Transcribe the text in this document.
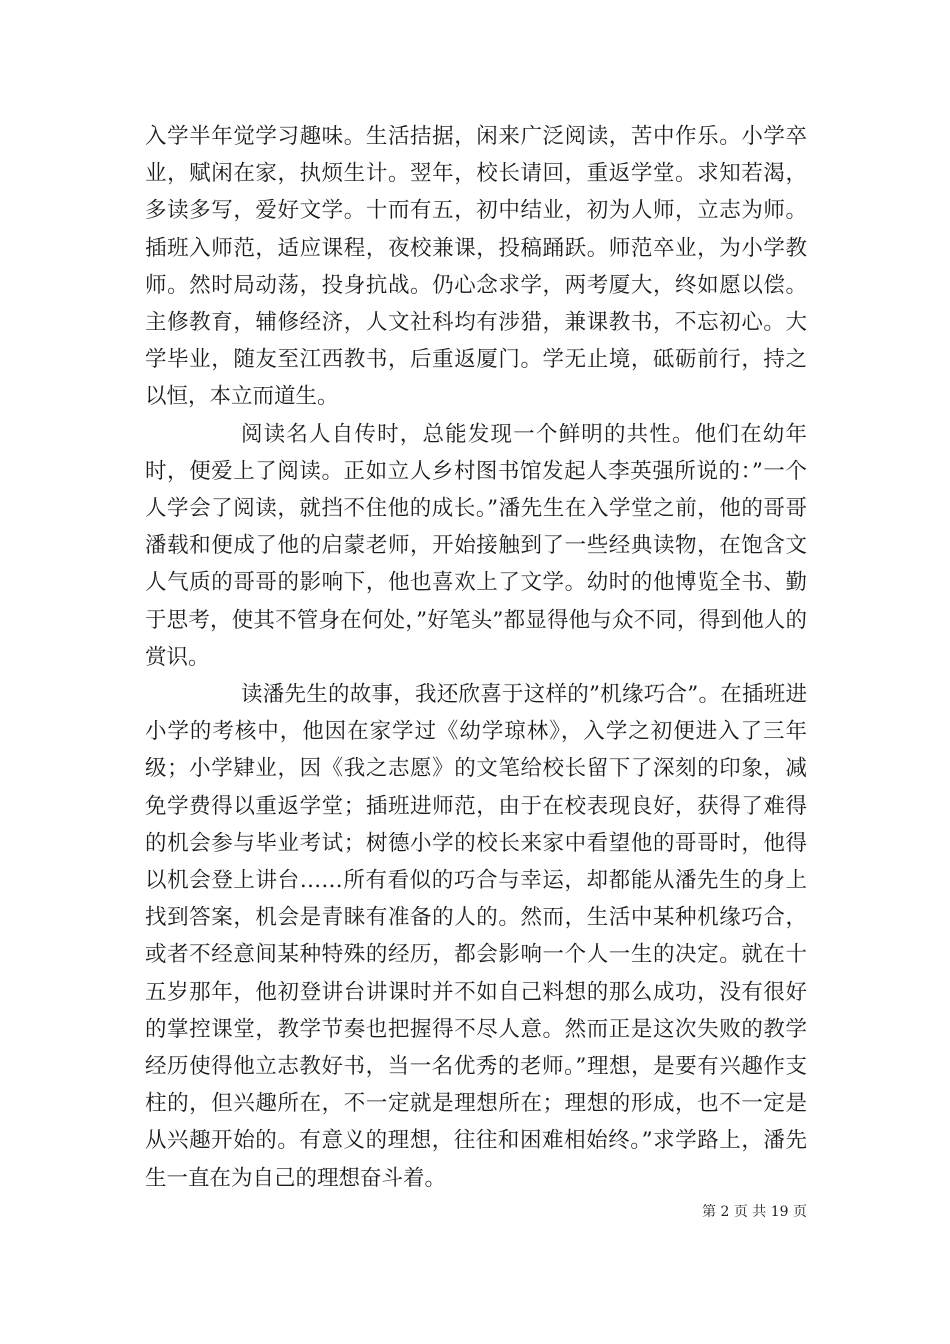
入学半年觉学习趣味。生活拮据，闲来广泛阅读，苦中作乐。小学卒业，赋闲在家，执烦生计。翌年，校长请回，重返学堂。求知若渴，多读多写，爱好文学。十而有五，初中结业，初为人师，立志为师。插班入师范，适应课程，夜校兼课，投稿踊跃。师范卒业，为小学教师。然时局动荡，投身抗战。仍心念求学，两考厦大，终如愿以偿。主修教育，辅修经济，人文社科均有涉猎，兼课教书，不忘初心。大学毕业，随友至江西教书，后重返厦门。学无止境，砥砺前行，持之以恒，本立而道生。

阅读名人自传时，总能发现一个鲜明的共性。他们在幼年时，便爱上了阅读。正如立人乡村图书馆发起人李英强所说的：”一个人学会了阅读，就挡不住他的成长。”潘先生在入学堂之前，他的哥哥潘载和便成了他的启蒙老师，开始接触到了一些经典读物，在饱含文人气质的哥哥的影响下，他也喜欢上了文学。幼时的他博览全书、勤于思考，使其不管身在何处，”好笔头”都显得他与众不同，得到他人的赏识。

读潘先生的故事，我还欣喜于这样的”机缘巧合”。在插班进小学的考核中，他因在家学过《幼学琼林》，入学之初便进入了三年级；小学肄业，因《我之志愿》的文笔给校长留下了深刻的印象，减免学费得以重返学堂；插班进师范，由于在校表现良好，获得了难得的机会参与毕业考试；树德小学的校长来家中看望他的哥哥时，他得以机会登上讲台……所有看似的巧合与幸运，却都能从潘先生的身上找到答案，机会是青睐有准备的人的。然而，生活中某种机缘巧合，或者不经意间某种特殊的经历，都会影响一个人一生的决定。就在十五岁那年，他初登讲台讲课时并不如自己料想的那么成功，没有很好的掌控课堂，教学节奏也把握得不尽人意。然而正是这次失败的教学经历使得他立志教好书，当一名优秀的老师。”理想，是要有兴趣作支柱的，但兴趣所在，不一定就是理想所在；理想的形成，也不一定是从兴趣开始的。有意义的理想，往往和困难相始终。”求学路上，潘先生一直在为自己的理想奋斗着。

第 2 页 共 19 页
